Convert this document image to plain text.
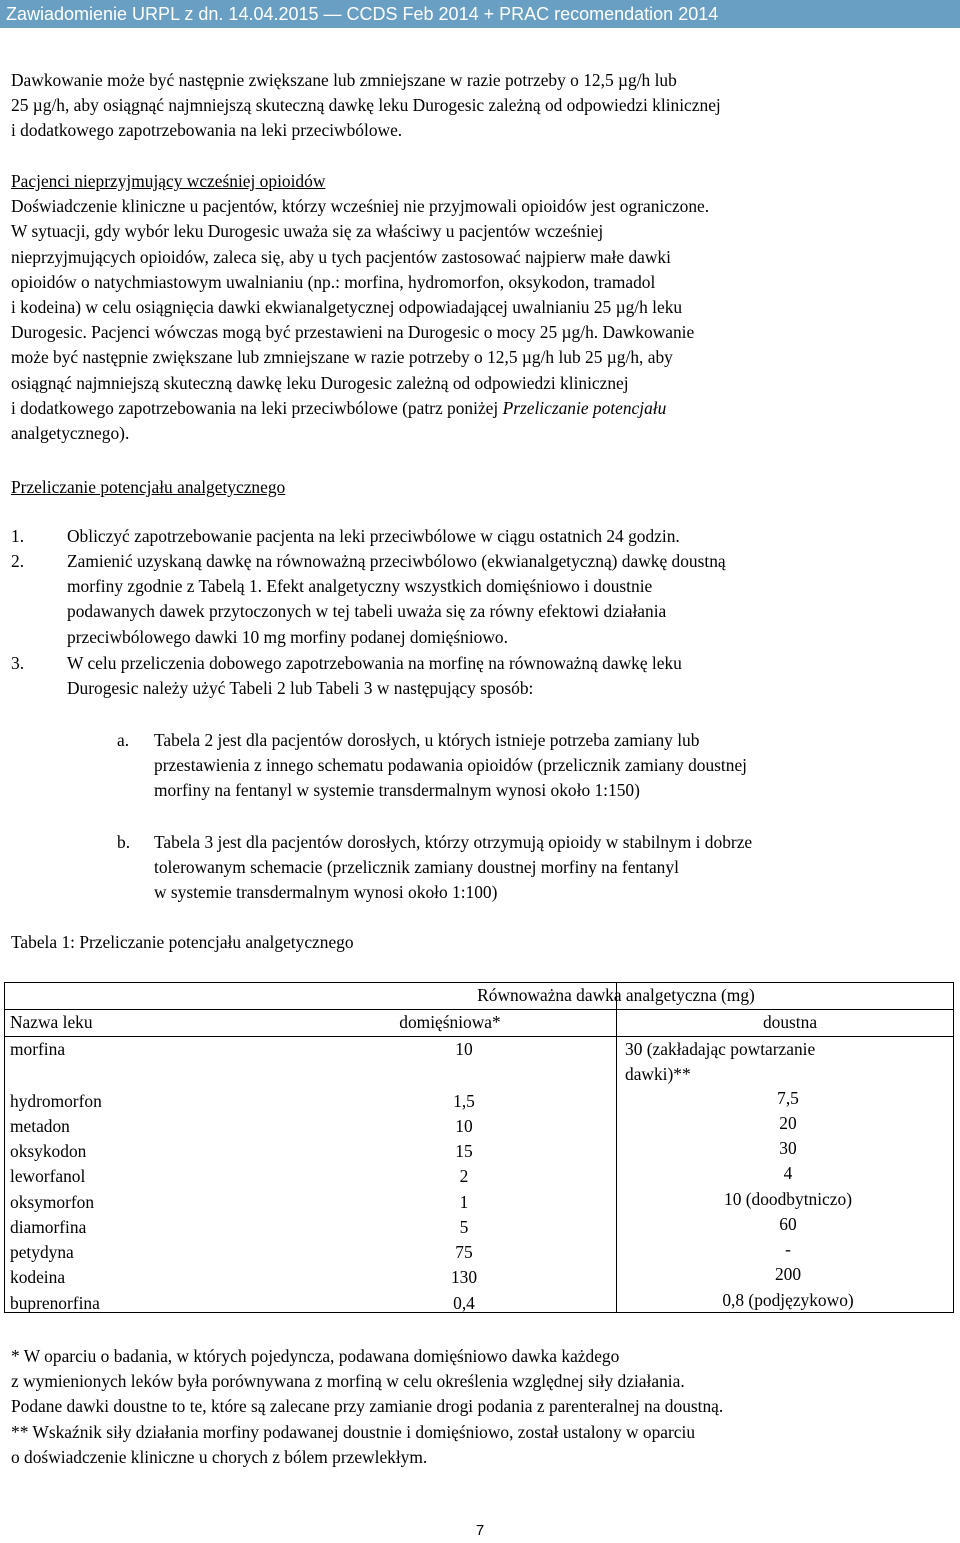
Zawiadomienie URPL z dn. 14.04.2015 — CCDS Feb 2014 + PRAC recomendation 2014

Dawkowanie może być następnie zwiększane lub zmniejszane w razie potrzeby o 12,5 µg/h lub

25 µg/h, aby osiągnąć najmniejszą skuteczną dawkę leku Durogesic zależną od odpowiedzi klinicznej

i dodatkowego zapotrzebowania na leki przeciwbólowe.

Pacjenci nieprzyjmujący wcześniej opioidów

Doświadczenie kliniczne u pacjentów, którzy wcześniej nie przyjmowali opioidów jest ograniczone.

W sytuacji, gdy wybór leku Durogesic uważa się za właściwy u pacjentów wcześniej

nieprzyjmujących opioidów, zaleca się, aby u tych pacjentów zastosować najpierw małe dawki

opioidów o natychmiastowym uwalnianiu (np.: morfina, hydromorfon, oksykodon, tramadol

i kodeina) w celu osiągnięcia dawki ekwianalgetycznej odpowiadającej uwalnianiu 25 µg/h leku

Durogesic. Pacjenci wówczas mogą być przestawieni na Durogesic o mocy 25 µg/h. Dawkowanie

może być następnie zwiększane lub zmniejszane w razie potrzeby o 12,5 µg/h lub 25 µg/h, aby

osiągnąć najmniejszą skuteczną dawkę leku Durogesic zależną od odpowiedzi klinicznej

i dodatkowego zapotrzebowania na leki przeciwbólowe (patrz poniżej Przeliczanie potencjału

analgetycznego).

Przeliczanie potencjału analgetycznego

1. Obliczyć zapotrzebowanie pacjenta na leki przeciwbólowe w ciągu ostatnich 24 godzin.

2. Zamienić uzyskaną dawkę na równoważną przeciwbólowo (ekwianalgetyczną) dawkę doustną

morfiny zgodnie z Tabelą 1. Efekt analgetyczny wszystkich domięśniowo i doustnie

podawanych dawek przytoczonych w tej tabeli uważa się za równy efektowi działania

przeciwbólowego dawki 10 mg morfiny podanej domięśniowo.

3. W celu przeliczenia dobowego zapotrzebowania na morfinę na równoważną dawkę leku

Durogesic należy użyć Tabeli 2 lub Tabeli 3 w następujący sposób:

a. Tabela 2 jest dla pacjentów dorosłych, u których istnieje potrzeba zamiany lub

przestawienia z innego schematu podawania opioidów (przelicznik zamiany doustnej

morfiny na fentanyl w systemie transdermalnym wynosi około 1:150)

b. Tabela 3 jest dla pacjentów dorosłych, którzy otrzymują opioidy w stabilnym i dobrze

tolerowanym schemacie (przelicznik zamiany doustnej morfiny na fentanyl

w systemie transdermalnym wynosi około 1:100)

Tabela 1: Przeliczanie potencjału analgetycznego

Równoważna dawka analgetyczna (mg)
Nazwa leku	domięśniowa*	doustna
morfina	10	30 (zakładając powtarzanie
dawki)**
hydromorfon	1,5	7,5
metadon	10	20
oksykodon	15	30
leworfanol	2	4
oksymorfon	1	10 (doodbytniczo)
diamorfina	5	60
petydyna	75	-
kodeina	130	200
buprenorfina	0,4	0,8 (podjęzykowo)

* W oparciu o badania, w których pojedyncza, podawana domięśniowo dawka każdego

z wymienionych leków była porównywana z morfiną w celu określenia względnej siły działania.

Podane dawki doustne to te, które są zalecane przy zamianie drogi podania z parenteralnej na doustną.

** Wskaźnik siły działania morfiny podawanej doustnie i domięśniowo, został ustalony w oparciu

o doświadczenie kliniczne u chorych z bólem przewlekłym.

7
